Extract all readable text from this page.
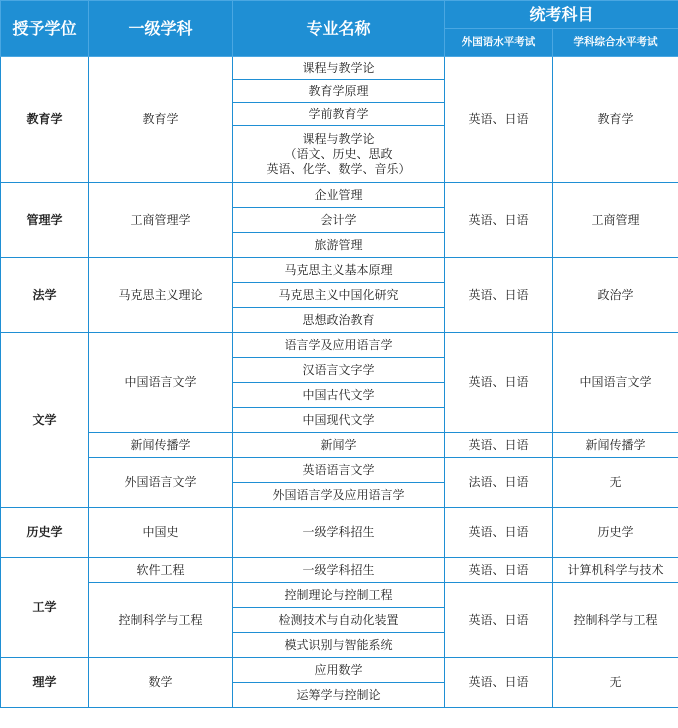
授予学位	一级学科	专业名称	统考科目	
			外国语水平考试	学科综合水平考试
教育学	教育学	课程与教学论	英语、日语	教育学
		教育学原理		
		学前教育学		
		课程与教学论
（语文、历史、思政
英语、化学、数学、音乐）		
管理学	工商管理学	企业管理	英语、日语	工商管理
		会计学		
		旅游管理		
法学	马克思主义理论	马克思主义基本原理	英语、日语	政治学
		马克思主义中国化研究		
		思想政治教育		
文学	中国语言文学	语言学及应用语言学	英语、日语	中国语言文学
		汉语言文字学		
		中国古代文学		
		中国现代文学		
	新闻传播学	新闻学	英语、日语	新闻传播学
	外国语言文学	英语语言文学	法语、日语	无
		外国语言学及应用语言学		
历史学	中国史	一级学科招生	英语、日语	历史学
工学	软件工程	一级学科招生	英语、日语	计算机科学与技术
	控制科学与工程	控制理论与控制工程	英语、日语	控制科学与工程
		检测技术与自动化装置		
		模式识别与智能系统		
理学	数学	应用数学	英语、日语	无
		运筹学与控制论		
